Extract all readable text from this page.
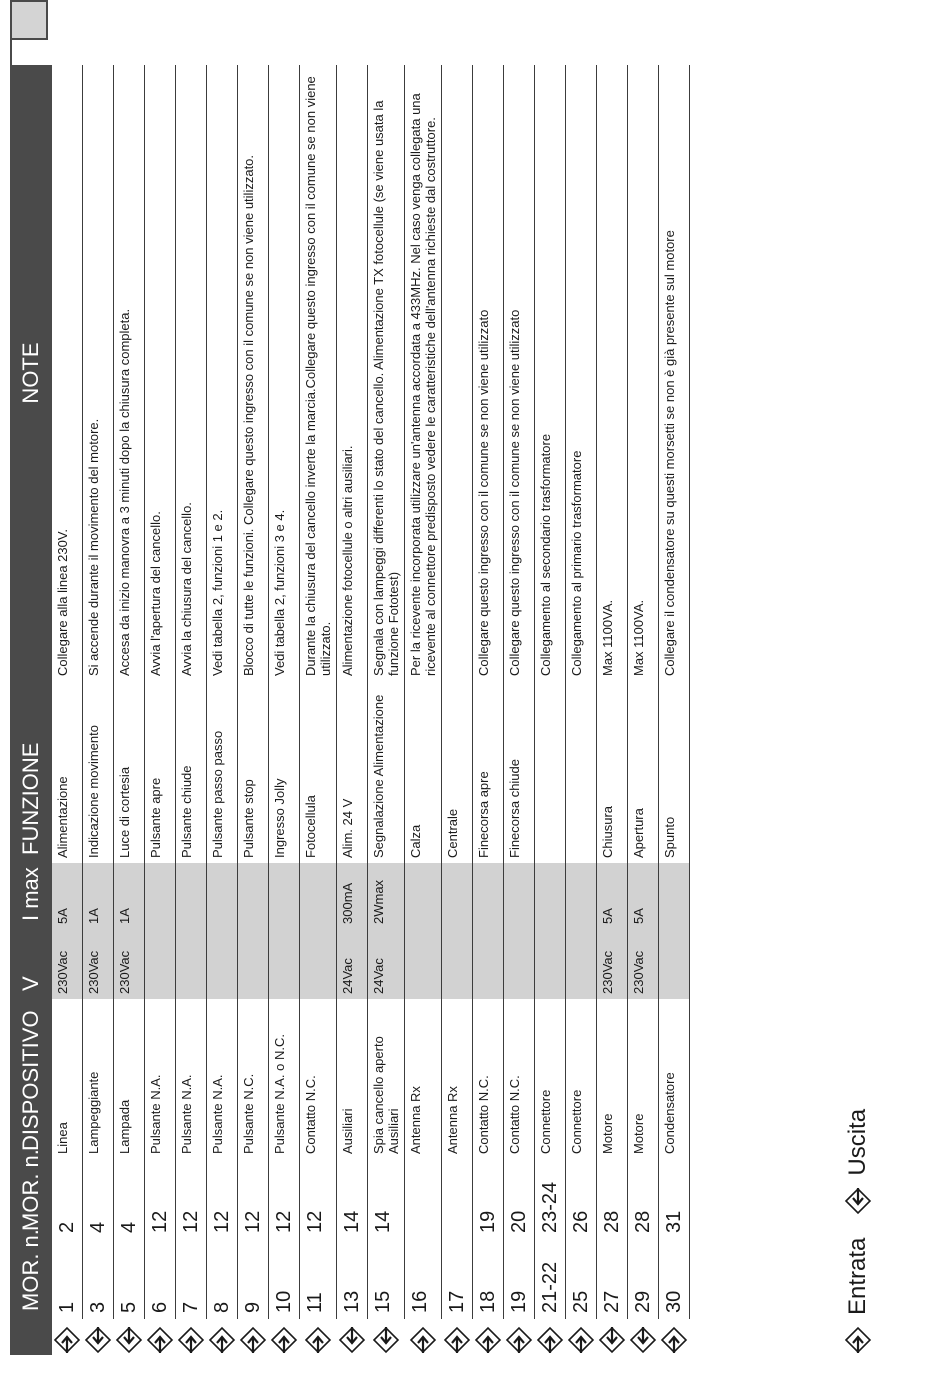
	MOR. n.	MOR. n.	DISPOSITIVO	V	I max	FUNZIONE	NOTE

	1	2	Linea	230Vac	5A	Alimentazione	Collegare alla linea 230V.

	3	4	Lampeggiante	230Vac	1A	Indicazione movimento	Si accende durante il movimento del motore.

	5	4	Lampada	230Vac	1A	Luce di cortesia	Accesa da inizio manovra a 3 minuti dopo la chiusura completa.

	6	12	Pulsante N.A.			Pulsante apre	Avvia l'apertura del cancello.

	7	12	Pulsante N.A.			Pulsante chiude	Avvia la chiusura del cancello.

	8	12	Pulsante N.A.			Pulsante passo passo	Vedi tabella 2, funzioni 1 e 2.

	9	12	Pulsante N.C.			Pulsante stop	Blocco di tutte le funzioni. Collegare questo ingresso con il comune se non viene utilizzato.

	10	12	Pulsante N.A. o N.C.			Ingresso Jolly	Vedi tabella 2, funzioni 3 e 4.

	11	12	Contatto N.C.			Fotocellula	Durante la chiusura del cancello inverte la marcia.Collegare questo ingresso con il comune se non viene utilizzato.

	13	14	Ausiliari	24Vac	300mA	Alim. 24 V	Alimentazione fotocellule o altri ausiliari.

	15	14	Spia cancello aperto Ausiliari	24Vac	2Wmax	Segnalazione Alimentazione	Segnala con lampeggi differenti lo stato del cancello. Alimentazione TX fotocellule (se viene usata la funzione Fototest)

	16		Antenna Rx			Calza	Per la ricevente incorporata utilizzare un'antenna accordata a 433MHz. Nel caso venga collegata una ricevente al connettore predisposto vedere le caratteristiche dell'antenna richieste dal costruttore.

	17		Antenna Rx			Centrale	

	18	19	Contatto N.C.			Finecorsa apre	Collegare questo ingresso con il comune se non viene utilizzato

	19	20	Contatto N.C.			Finecorsa chiude	Collegare questo ingresso con il comune se non viene utilizzato

	21-22	23-24	Connettore				Collegamento al secondario trasformatore

	25	26	Connettore				Collegamento al primario trasformatore

	27	28	Motore	230Vac	5A	Chiusura	Max 1100VA.

	29	28	Motore	230Vac	5A	Apertura	Max 1100VA.

	30	31	Condensatore			Spunto	Collegare il condensatore su questi morsetti se non è già presente sul motore
Entrata
Uscita
